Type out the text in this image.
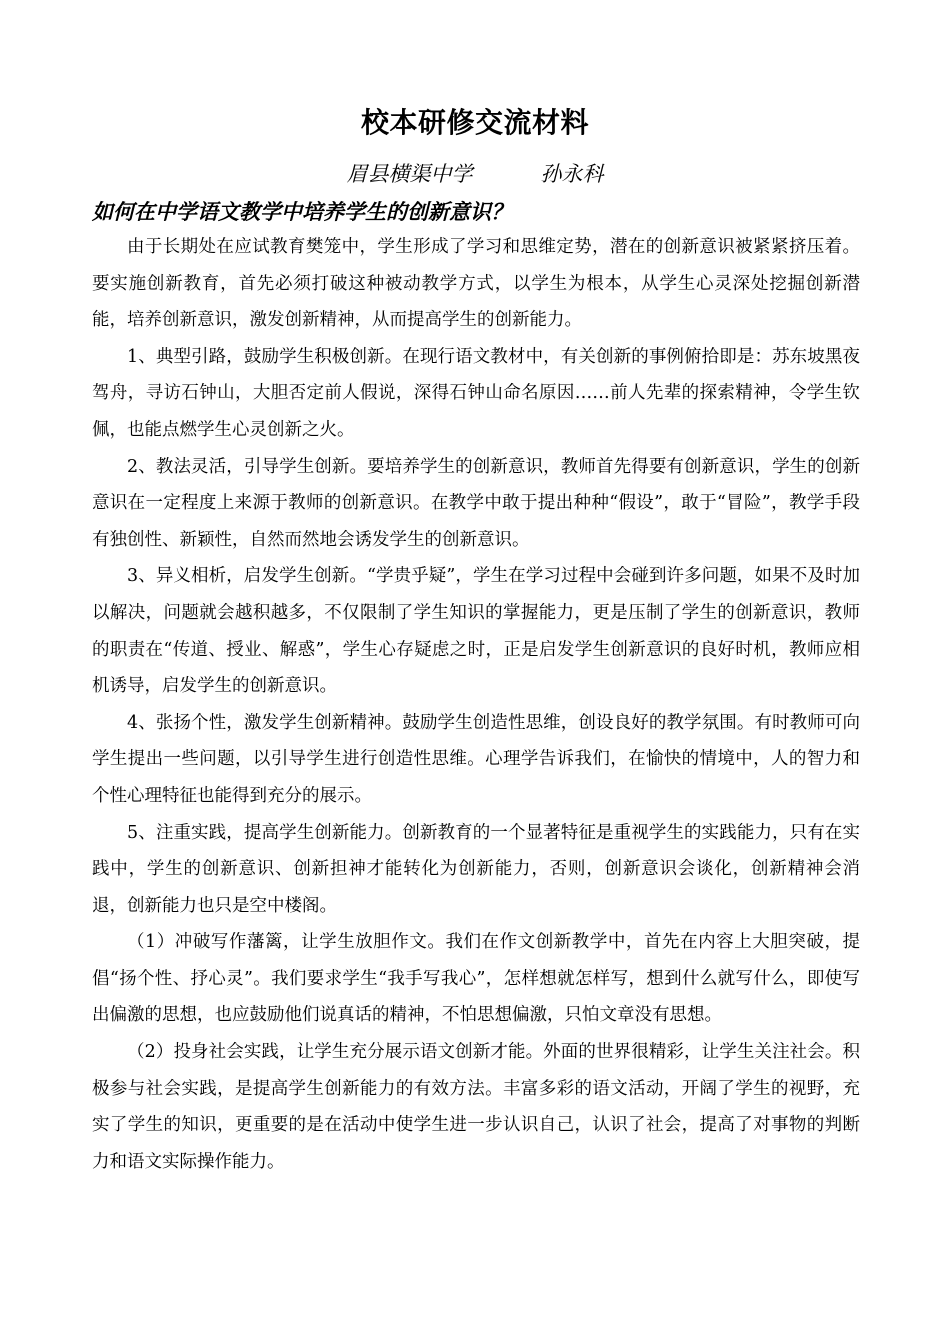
校本研修交流材料
眉县横渠中学	孙永科
如何在中学语文教学中培养学生的创新意识？

由于长期处在应试教育樊笼中，学生形成了学习和思维定势，潜在的创新意识被紧紧挤压着。要实施创新教育，首先必须打破这种被动教学方式，以学生为根本，从学生心灵深处挖掘创新潜能，培养创新意识，激发创新精神，从而提高学生的创新能力。

1、典型引路，鼓励学生积极创新。在现行语文教材中，有关创新的事例俯拾即是：苏东坡黑夜驾舟，寻访石钟山，大胆否定前人假说，深得石钟山命名原因……前人先辈的探索精神，令学生钦佩，也能点燃学生心灵创新之火。

2、教法灵活，引导学生创新。要培养学生的创新意识，教师首先得要有创新意识，学生的创新意识在一定程度上来源于教师的创新意识。在教学中敢于提出种种“假设”，敢于“冒险”，教学手段有独创性、新颖性，自然而然地会诱发学生的创新意识。

3、异义相析，启发学生创新。“学贵乎疑”，学生在学习过程中会碰到许多问题，如果不及时加以解决，问题就会越积越多，不仅限制了学生知识的掌握能力，更是压制了学生的创新意识，教师的职责在“传道、授业、解惑”，学生心存疑虑之时，正是启发学生创新意识的良好时机，教师应相机诱导，启发学生的创新意识。

4、张扬个性，激发学生创新精神。鼓励学生创造性思维，创设良好的教学氛围。有时教师可向学生提出一些问题，以引导学生进行创造性思维。心理学告诉我们，在愉快的情境中，人的智力和个性心理特征也能得到充分的展示。

5、注重实践，提高学生创新能力。创新教育的一个显著特征是重视学生的实践能力，只有在实践中，学生的创新意识、创新担神才能转化为创新能力，否则，创新意识会谈化，创新精神会消退，创新能力也只是空中楼阁。

（1）冲破写作藩篱，让学生放胆作文。我们在作文创新教学中，首先在内容上大胆突破，提倡“扬个性、抒心灵”。我们要求学生“我手写我心”，怎样想就怎样写，想到什么就写什么，即使写出偏激的思想，也应鼓励他们说真话的精神，不怕思想偏激，只怕文章没有思想。

（2）投身社会实践，让学生充分展示语文创新才能。外面的世界很精彩，让学生关注社会。积极参与社会实践，是提高学生创新能力的有效方法。丰富多彩的语文活动，开阔了学生的视野，充实了学生的知识，更重要的是在活动中使学生进一步认识自己，认识了社会，提高了对事物的判断力和语文实际操作能力。
